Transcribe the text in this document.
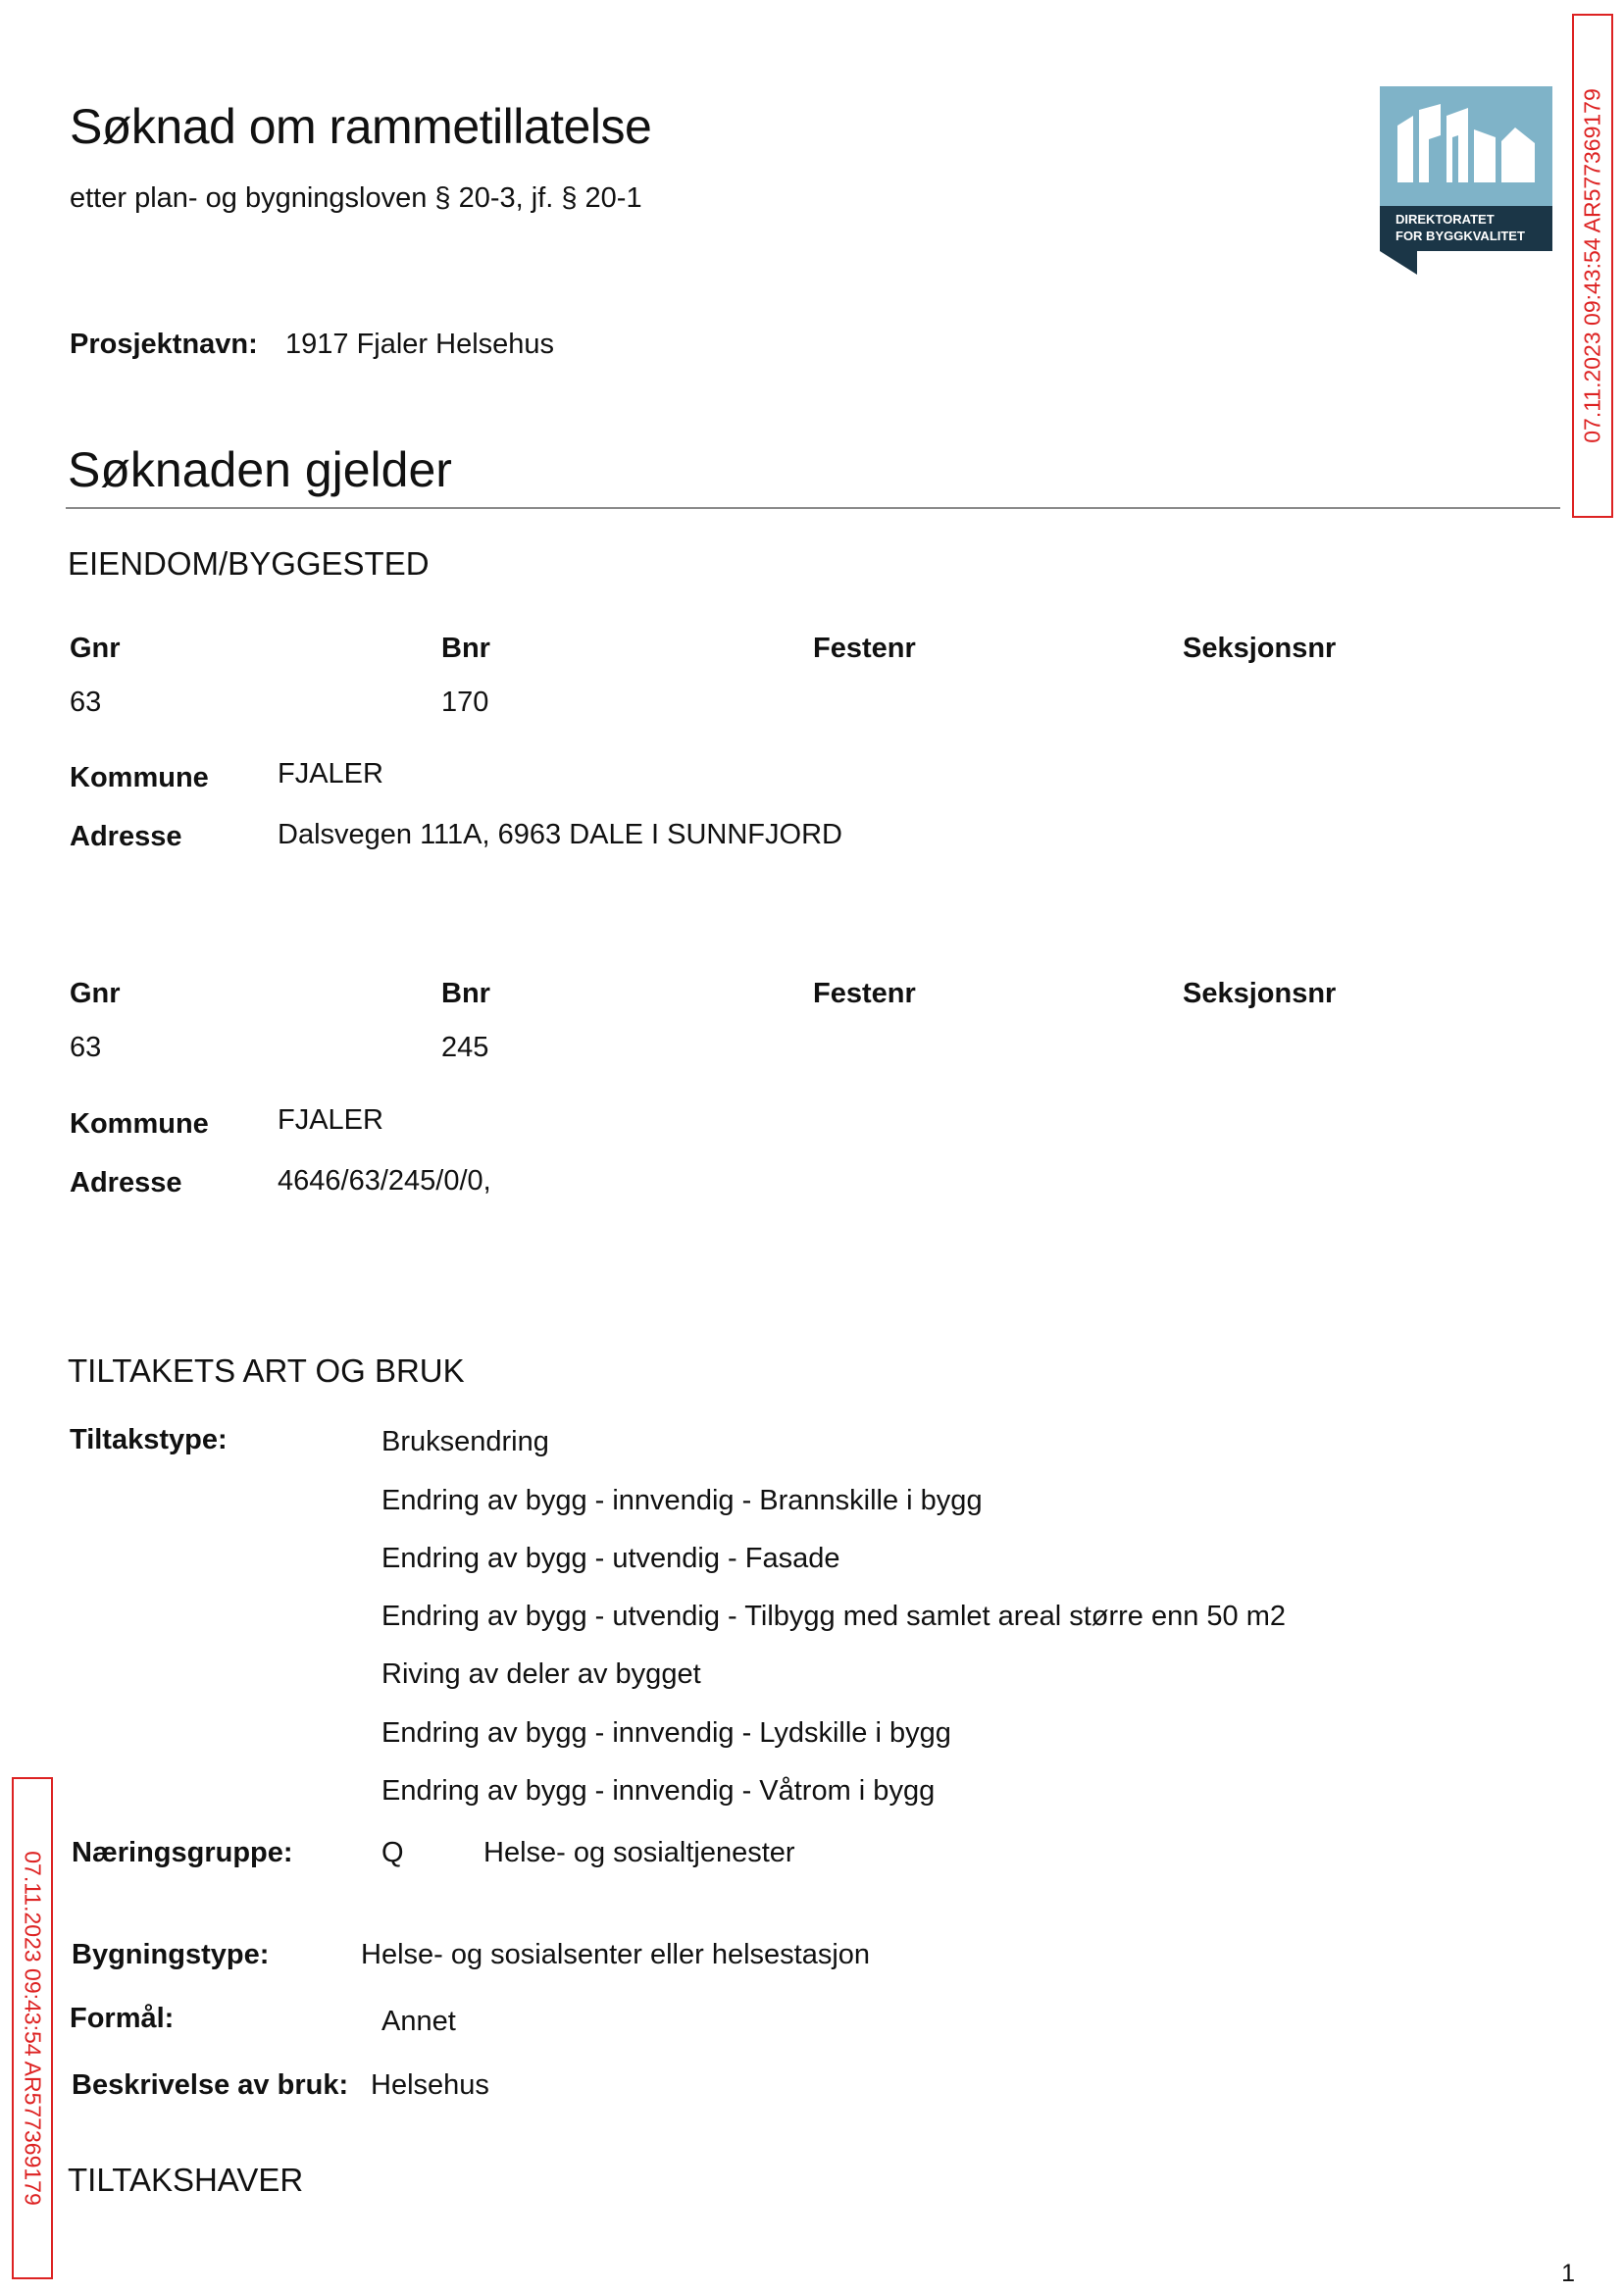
Søknad om rammetillatelse
etter plan- og bygningsloven § 20-3, jf. § 20-1
DIREKTORATET
FOR BYGGKVALITET 07.11.2023 09:43:54 AR577369179
07.11.2023 09:43:54 AR577369179
Prosjektnavn: 1917 Fjaler Helsehus
Søknaden gjelder
EIENDOM/BYGGESTED
Gnr	Bnr	Festenr	Seksjonsnr
63	170
Kommune FJALER
Adresse	Dalsvegen 111A, 6963 DALE I SUNNFJORD
Gnr	Bnr	Festenr	Seksjonsnr
63	245
Kommune FJALER
Adresse	4646/63/245/0/0,
TILTAKETS ART OG BRUK
Tiltakstype:	Bruksendring
Endring av bygg - innvendig - Brannskille i bygg
Endring av bygg - utvendig - Fasade
Endring av bygg - utvendig - Tilbygg med samlet areal større enn 50 m2
Riving av deler av bygget
Endring av bygg - innvendig - Lydskille i bygg
Endring av bygg - innvendig - Våtrom i bygg
Næringsgruppe:	Q	Helse- og sosialtjenester
Bygningstype:	Helse- og sosialsenter eller helsestasjon
Formål:	Annet
Beskrivelse av bruk: Helsehus
TILTAKSHAVER
1
